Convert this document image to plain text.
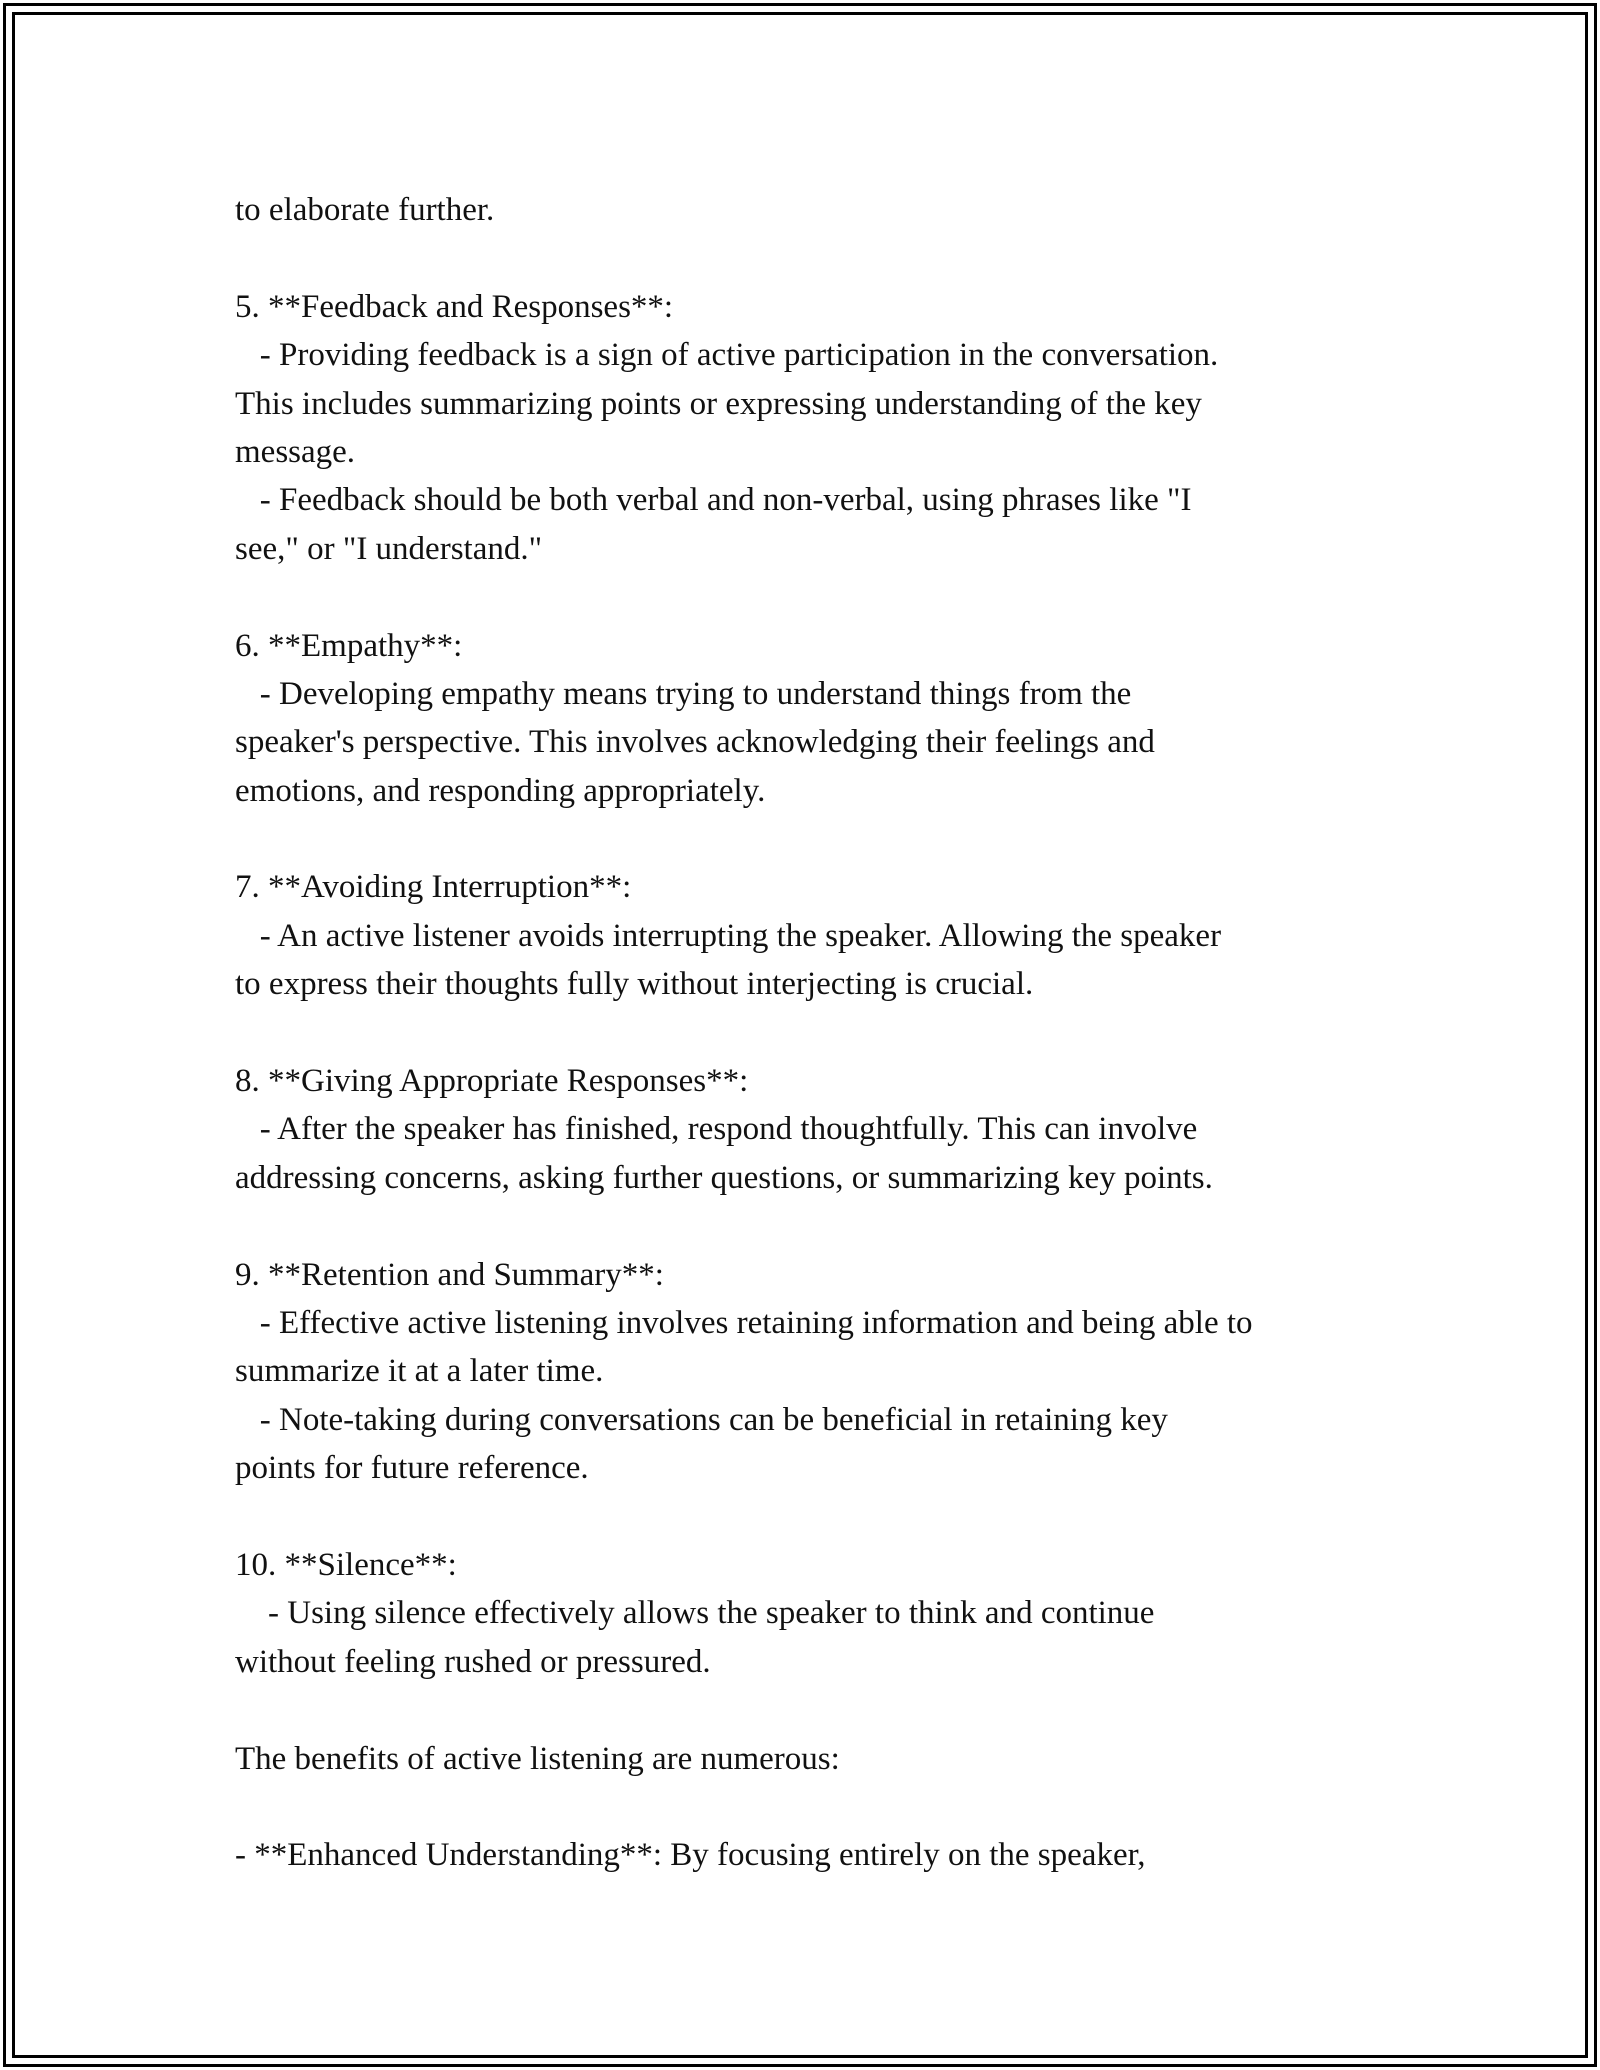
to elaborate further.
5. **Feedback and Responses**:
- Providing feedback is a sign of active participation in the conversation.
This includes summarizing points or expressing understanding of the key
message.
- Feedback should be both verbal and non-verbal, using phrases like "I
see," or "I understand."
6. **Empathy**:
- Developing empathy means trying to understand things from the
speaker's perspective. This involves acknowledging their feelings and
emotions, and responding appropriately.
7. **Avoiding Interruption**:
- An active listener avoids interrupting the speaker. Allowing the speaker
to express their thoughts fully without interjecting is crucial.
8. **Giving Appropriate Responses**:
- After the speaker has finished, respond thoughtfully. This can involve
addressing concerns, asking further questions, or summarizing key points.
9. **Retention and Summary**:
- Effective active listening involves retaining information and being able to
summarize it at a later time.
- Note-taking during conversations can be beneficial in retaining key
points for future reference.
10. **Silence**:
- Using silence effectively allows the speaker to think and continue
without feeling rushed or pressured.
The benefits of active listening are numerous:
- **Enhanced Understanding**: By focusing entirely on the speaker,
